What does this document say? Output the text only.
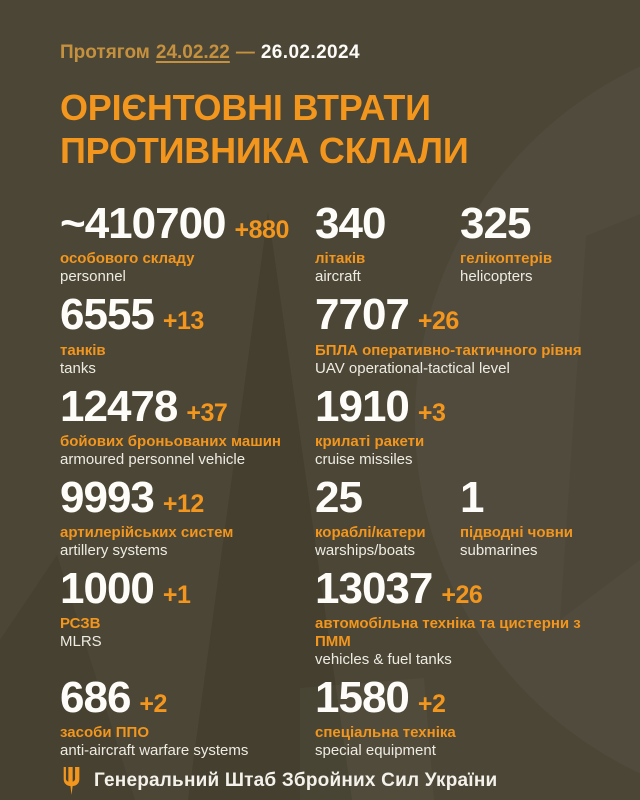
Протягом 24.02.22 — 26.02.2024
ОРІЄНТОВНІ ВТРАТИ
ПРОТИВНИКА СКЛАЛИ
~410700 +880
особового складу
personnel
340
літаків
aircraft
325
гелікоптерів
helicopters
6555 +13
танків
tanks
7707 +26
БПЛА оперативно-тактичного рівня
UAV operational-tactical level
12478 +37
бойових броньованих машин
armoured personnel vehicle
1910 +3
крилаті ракети
cruise missiles
9993 +12
артилерійських систем
artillery systems
25
кораблі/катери
warships/boats
1
підводні човни
submarines
1000 +1
РСЗВ
MLRS
13037 +26
автомобільна техніка та цистерни з ПММ
vehicles & fuel tanks
686 +2
засоби ППО
anti-aircraft warfare systems
1580 +2
спеціальна техніка
special equipment
Генеральний Штаб Збройних Сил України
